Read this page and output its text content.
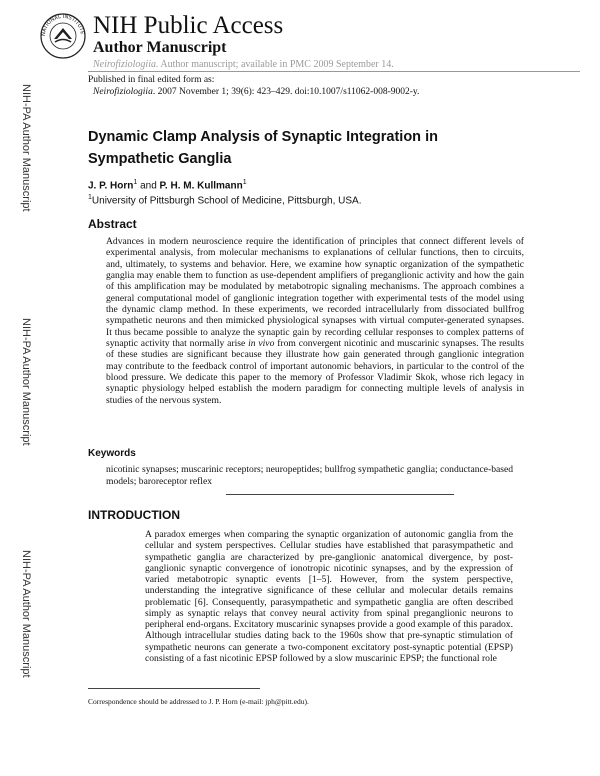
NATIONAL INSTITUTE NIH Public Access
Author Manuscript
Neirofiziologiia. Author manuscript; available in PMC 2009 September 14.
Published in final edited form as:
Neirofiziologiia. 2007 November 1; 39(6): 423–429. doi:10.1007/s11062-008-9002-y.
NIH-PA Author Manuscript
NIH-PA Author Manuscript
NIH-PA Author Manuscript
Dynamic Clamp Analysis of Synaptic Integration in Sympathetic Ganglia
J. P. Horn$^1$ and P. H. M. Kullmann$^1$
$^1$University of Pittsburgh School of Medicine, Pittsburgh, USA.
Abstract
Advances in modern neuroscience require the identification of principles that connect different levels of experimental analysis, from molecular mechanisms to explanations of cellular functions, then to circuits, and, ultimately, to systems and behavior. Here, we examine how synaptic organization of the sympathetic ganglia may enable them to function as use-dependent amplifiers of preganglionic activity and how the gain of this amplification may be modulated by metabotropic signaling mechanisms. The approach combines a general computational model of ganglionic integration together with experimental tests of the model using the dynamic clamp method. In these experiments, we recorded intracellularly from dissociated bullfrog sympathetic neurons and then mimicked physiological synapses with virtual computer-generated synapses. It thus became possible to analyze the synaptic gain by recording cellular responses to complex patterns of synaptic activity that normally arise in vivo from convergent nicotinic and muscarinic synapses. The results of these studies are significant because they illustrate how gain generated through ganglionic integration may contribute to the feedback control of important autonomic behaviors, in particular to the control of the blood pressure. We dedicate this paper to the memory of Professor Vladimir Skok, whose rich legacy in synaptic physiology helped establish the modern paradigm for connecting multiple levels of analysis in studies of the nervous system.
Keywords
nicotinic synapses; muscarinic receptors; neuropeptides; bullfrog sympathetic ganglia; conductance-based models; baroreceptor reflex
INTRODUCTION
A paradox emerges when comparing the synaptic organization of autonomic ganglia from the cellular and system perspectives. Cellular studies have established that parasympathetic and sympathetic ganglia are characterized by pre-ganglionic anatomical divergence, by post-ganglionic synaptic convergence of ionotropic nicotinic synapses, and by the expression of varied metabotropic synaptic events [1–5]. However, from the system perspective, understanding the integrative significance of these cellular and molecular details remains problematic [6]. Consequently, parasympathetic and sympathetic ganglia are often described simply as synaptic relays that convey neural activity from spinal preganglionic neurons to peripheral end-organs. Excitatory muscarinic synapses provide a good example of this paradox. Although intracellular studies dating back to the 1960s show that pre-synaptic stimulation of sympathetic neurons can generate a two-component excitatory post-synaptic potential (EPSP) consisting of a fast nicotinic EPSP followed by a slow muscarinic EPSP; the functional role
Correspondence should be addressed to J. P. Horn (e-mail: jph@pitt.edu).
